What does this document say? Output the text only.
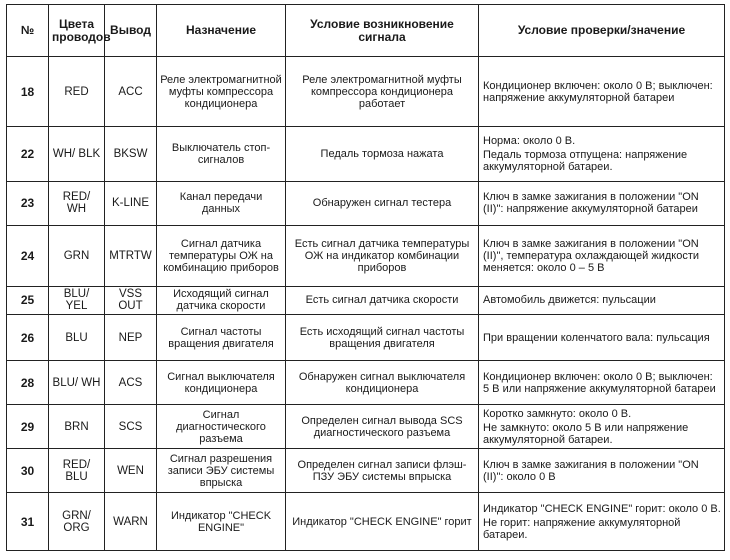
№	Цвета проводов	Вывод	Назначение	Условие возникновение сигнала	Условие проверки/значение
18	RED	ACC	Реле электромагнитной муфты компрессора кондиционера	Реле электромагнитной муфты компрессора кондиционера работает	Кондиционер включен: около 0 В; выключен: напряжение аккумуляторной батареи

22	WH/ BLK	BKSW	Выключатель стоп-сигналов	Педаль тормоза нажата	Норма: около 0 В.
Педаль тормоза отпущена: напряжение аккумуляторной батареи.

23	RED/ WH	K-LINE	Канал передачи данных	Обнаружен сигнал тестера	Ключ в замке зажигания в положении "ON (II)": напряжение аккумуляторной батареи

24	GRN	MTRTW	Сигнал датчика температуры ОЖ на комбинацию приборов	Есть сигнал датчика температуры ОЖ на индикатор комбинации приборов	Ключ в замке зажигания в положении "ON (II)", температура охлаждающей жидкости меняется: около 0 – 5 В

25	BLU/ YEL	VSS OUT	Исходящий сигнал датчика скорости	Есть сигнал датчика скорости	Автомобиль движется: пульсации

26	BLU	NEP	Сигнал частоты вращения двигателя	Есть исходящий сигнал частоты вращения двигателя	При вращении коленчатого вала: пульсация

28	BLU/ WH	ACS	Сигнал выключателя кондиционера	Обнаружен сигнал выключателя кондиционера	Кондиционер включен: около 0 В; выключен: 5 В или напряжение аккумуляторной батареи

29	BRN	SCS	Сигнал диагностического разъема	Определен сигнал вывода SCS диагностического разъема	Коротко замкнуто: около 0 В.
Не замкнуто: около 5 В или напряжение аккумуляторной батареи.

30	RED/ BLU	WEN	Сигнал разрешения записи ЭБУ системы впрыска	Определен сигнал записи флэш-ПЗУ ЭБУ системы впрыска	Ключ в замке зажигания в положении "ON (II)": около 0 В

31	GRN/ ORG	WARN	Индикатор "CHECK ENGINE"	Индикатор "CHECK ENGINE" горит	Индикатор "CHECK ENGINE" горит: около 0 В.
Не горит: напряжение аккумуляторной батареи.
